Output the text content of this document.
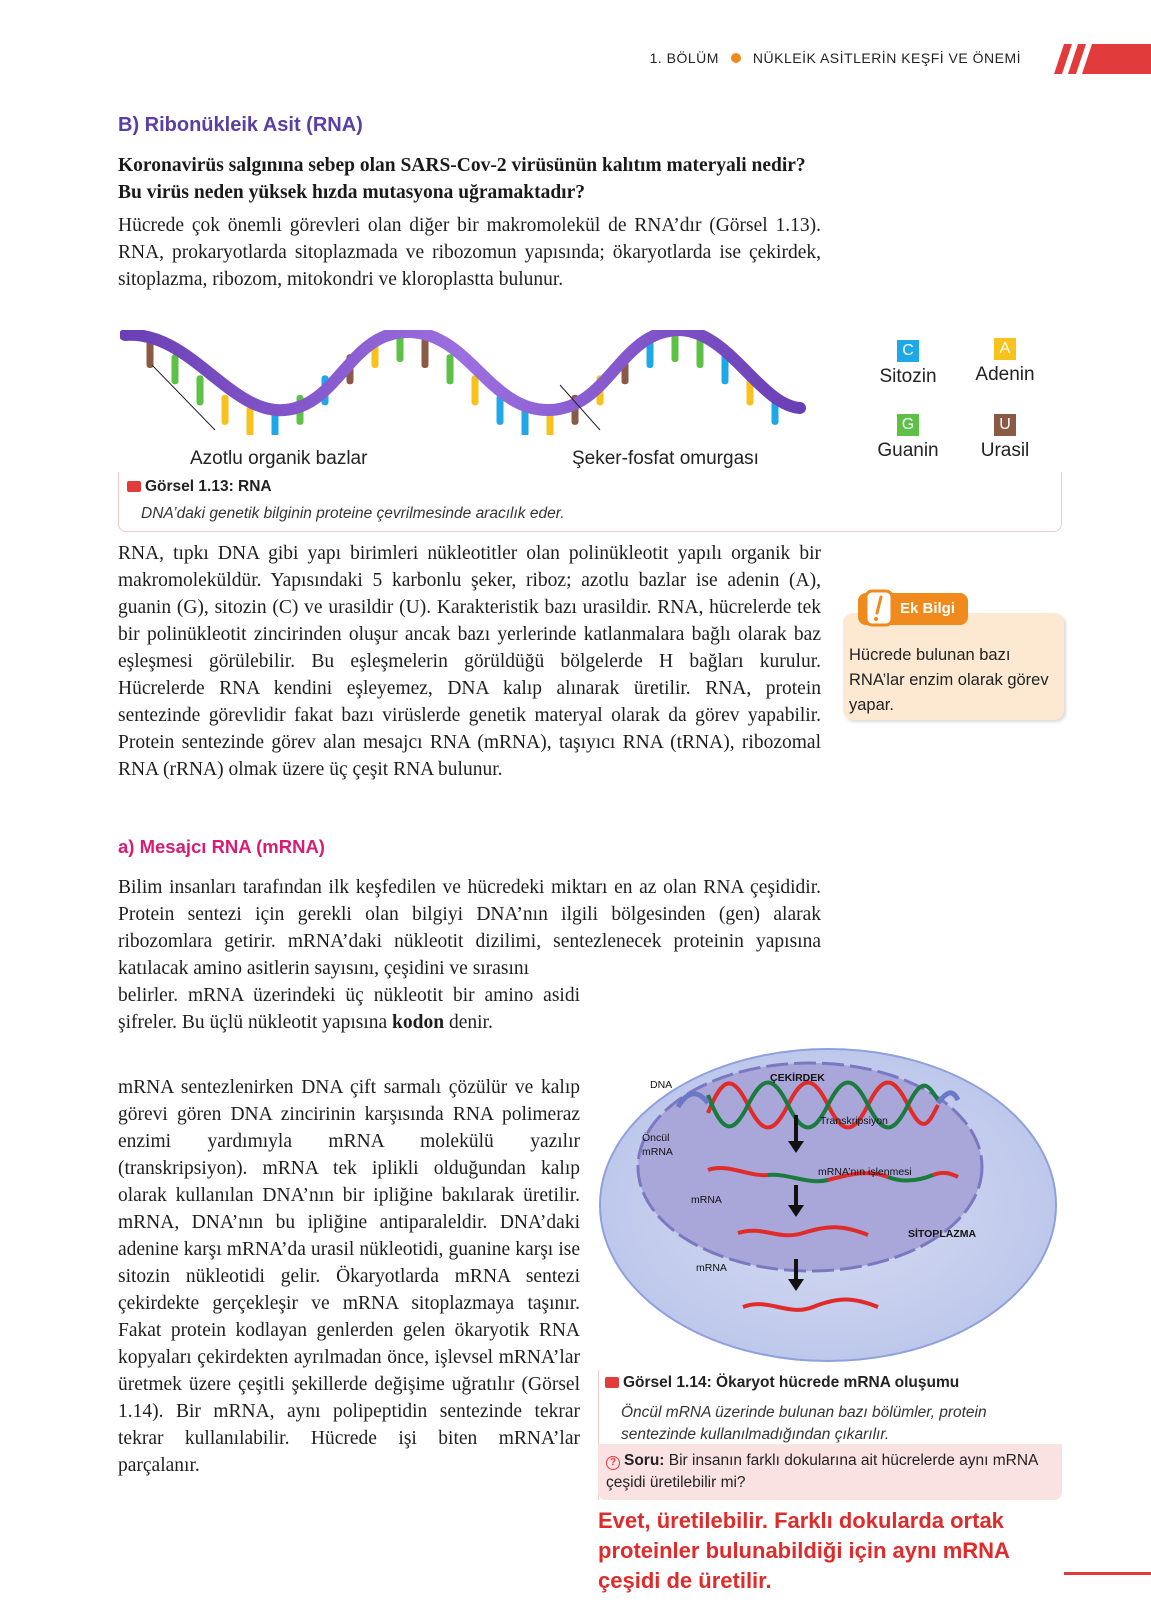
1. BÖLÜM NÜKLEİK ASİTLERİN KEŞFİ VE ÖNEMİ
B) Ribonükleik Asit (RNA)
Koronavirüs salgınına sebep olan SARS-Cov-2 virüsünün kalıtım materyali nedir? Bu virüs neden yüksek hızda mutasyona uğramaktadır?
Hücrede çok önemli görevleri olan diğer bir makromolekül de RNA’dır (Görsel 1.13). RNA, prokaryotlarda sitoplazmada ve ribozomun yapısında; ökaryotlarda ise çekirdek, sitoplazma, ribozom, mitokondri ve kloroplastta bulunur.
Azotlu organik bazlar	Şeker-fosfat omurgası
C
Sitozin
A
Adenin
G
Guanin
U
Urasil
Görsel 1.13: RNA
DNA’daki genetik bilginin proteine çevrilmesinde aracılık eder.
RNA, tıpkı DNA gibi yapı birimleri nükleotitler olan polinükleotit yapılı organik bir makromoleküldür. Yapısındaki 5 karbonlu şeker, riboz; azotlu bazlar ise adenin (A), guanin (G), sitozin (C) ve urasildir (U). Karakteristik bazı urasildir. RNA, hücrelerde tek bir polinükleotit zincirinden oluşur ancak bazı yerlerinde katlanmalara bağlı olarak baz eşleşmesi görülebilir. Bu eşleşmelerin görüldüğü bölgelerde H bağları kurulur. Hücrelerde RNA kendini eşleyemez, DNA kalıp alınarak üretilir. RNA, protein sentezinde görevlidir fakat bazı virüslerde genetik materyal olarak da görev yapabilir. Protein sentezinde görev alan mesajcı RNA (mRNA), taşıyıcı RNA (tRNA), ribozomal RNA (rRNA) olmak üzere üç çeşit RNA bulunur.
Ek Bilgi
Hücrede bulunan bazı RNA’lar enzim olarak görev yapar.
a) Mesajcı RNA (mRNA)
Bilim insanları tarafından ilk keşfedilen ve hücredeki miktarı en az olan RNA çeşididir. Protein sentezi için gerekli olan bilgiyi DNA’nın ilgili bölgesinden (gen) alarak ribozomlara getirir. mRNA’daki nükleotit dizilimi, sentezlenecek proteinin yapısına katılacak amino asitlerin sayısını, çeşidini ve sırasını
belirler. mRNA üzerindeki üç nükleotit bir amino asidi şifreler. Bu üçlü nükleotit yapısına kodon denir.
mRNA sentezlenirken DNA çift sarmalı çözülür ve kalıp görevi gören DNA zincirinin karşısında RNA polimeraz enzimi yardımıyla mRNA molekülü yazılır (transkripsiyon). mRNA tek iplikli olduğundan kalıp olarak kullanılan DNA’nın bir ipliğine bakılarak üretilir. mRNA, DNA’nın bu ipliğine antiparaleldir. DNA’daki adenine karşı mRNA’da urasil nükleotidi, guanine karşı ise sitozin nükleotidi gelir. Ökaryotlarda mRNA sentezi çekirdekte gerçekleşir ve mRNA sitoplazmaya taşınır. Fakat protein kodlayan genlerden gelen ökaryotik RNA kopyaları çekirdekten ayrılmadan önce, işlevsel mRNA’lar üretmek üzere çeşitli şekillerde değişime uğratılır (Görsel 1.14). Bir mRNA, aynı polipeptidin sentezinde tekrar tekrar kullanılabilir. Hücrede işi biten mRNA’lar parçalanır.
ÇEKİRDEK
DNA
Transkripsiyon
Öncül
mRNA
mRNA’nın işlenmesi
mRNA
SİTOPLAZMA
mRNA
Görsel 1.14: Ökaryot hücrede mRNA oluşumu
Öncül mRNA üzerinde bulunan bazı bölümler, protein sentezinde kullanılmadığından çıkarılır.
? Soru: Bir insanın farklı dokularına ait hücrelerde aynı mRNA çeşidi üretilebilir mi?
Evet, üretilebilir. Farklı dokularda ortak proteinler bulunabildiği için aynı mRNA çeşidi de üretilir.
